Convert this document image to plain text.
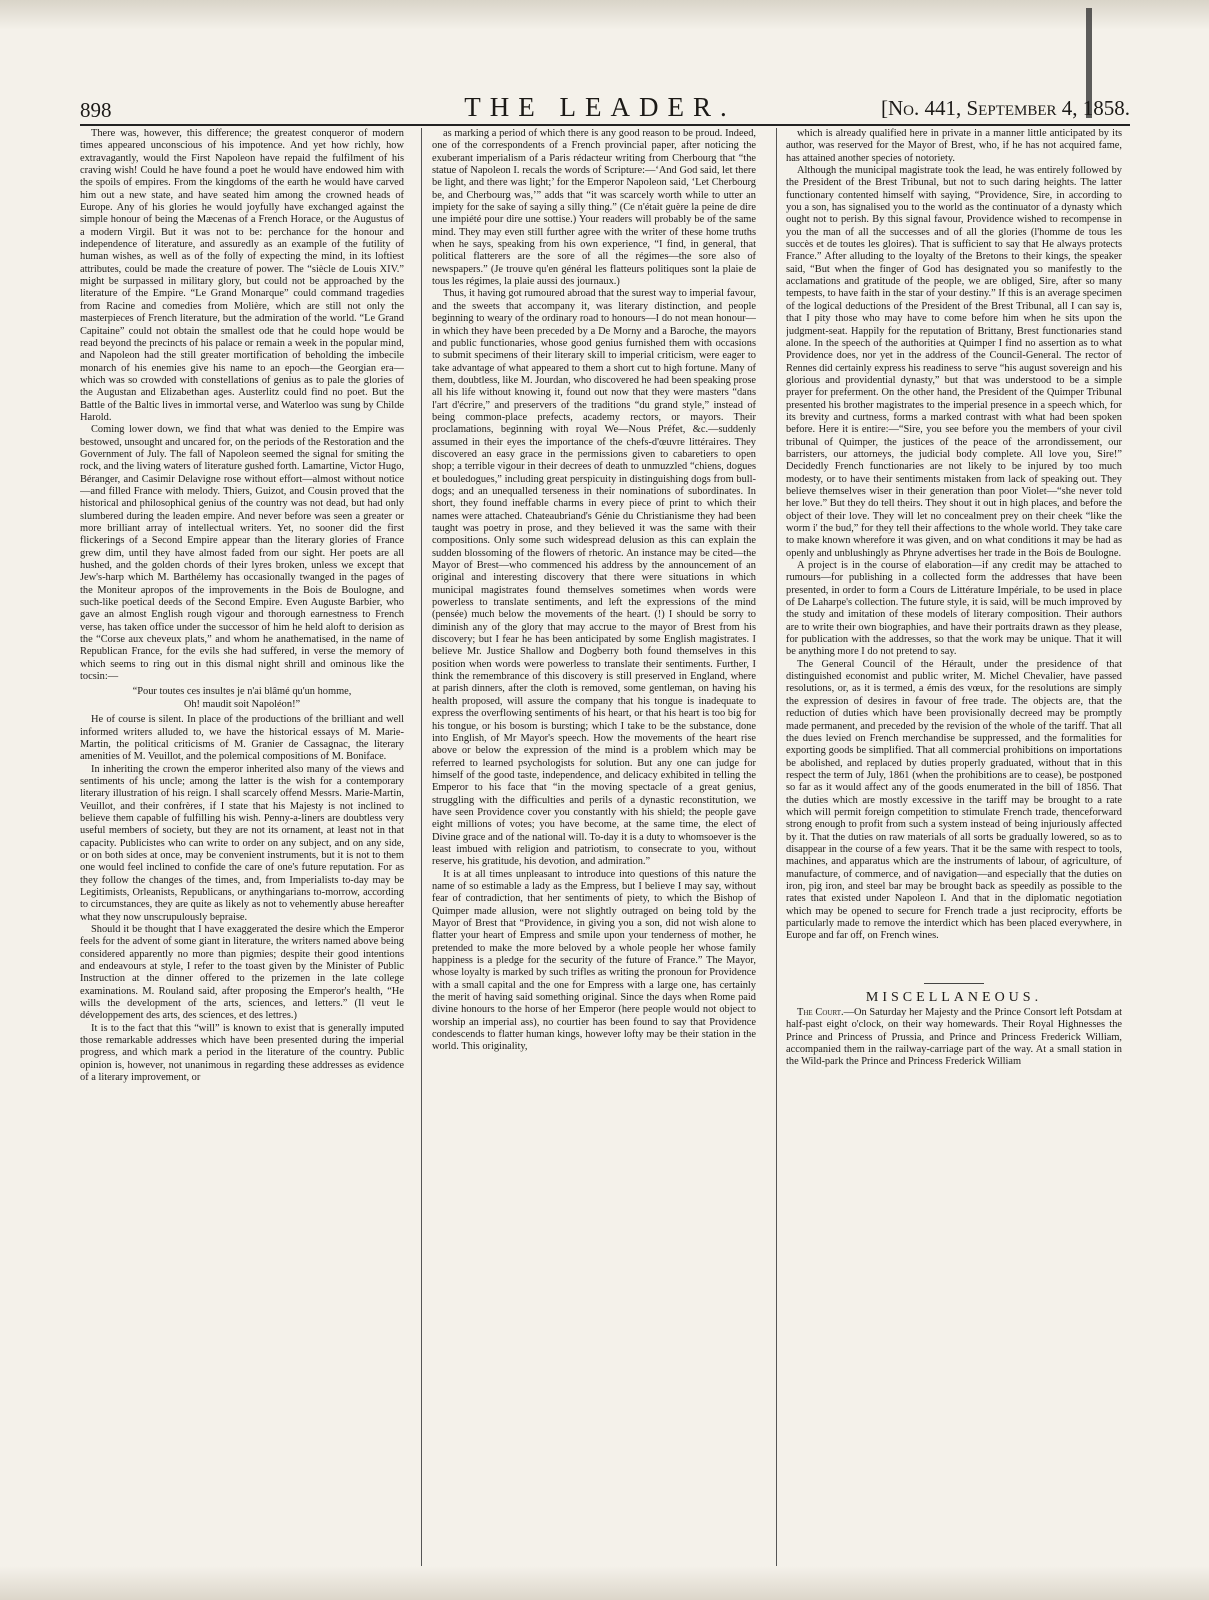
898	THE LEADER.	[No. 441, September 4, 1858.

There was, however, this difference; the greatest conqueror of modern times appeared unconscious of his impotence. And yet how richly, how extravagantly, would the First Napoleon have repaid the fulfilment of his craving wish! Could he have found a poet he would have endowed him with the spoils of empires. From the kingdoms of the earth he would have carved him out a new state, and have seated him among the crowned heads of Europe. Any of his glories he would joyfully have exchanged against the simple honour of being the Mæcenas of a French Horace, or the Augustus of a modern Virgil. But it was not to be: perchance for the honour and independence of literature, and assuredly as an example of the futility of human wishes, as well as of the folly of expecting the mind, in its loftiest attributes, could be made the creature of power. The “siècle de Louis XIV.” might be surpassed in military glory, but could not be approached by the literature of the Empire. “Le Grand Monarque” could command tragedies from Racine and comedies from Molière, which are still not only the masterpieces of French literature, but the admiration of the world. “Le Grand Capitaine” could not obtain the smallest ode that he could hope would be read beyond the precincts of his palace or remain a week in the popular mind, and Napoleon had the still greater mortification of beholding the imbecile monarch of his enemies give his name to an epoch—the Georgian era—which was so crowded with constellations of genius as to pale the glories of the Augustan and Elizabethan ages. Austerlitz could find no poet. But the Battle of the Baltic lives in immortal verse, and Waterloo was sung by Childe Harold.

Coming lower down, we find that what was denied to the Empire was bestowed, unsought and uncared for, on the periods of the Restoration and the Government of July. The fall of Napoleon seemed the signal for smiting the rock, and the living waters of literature gushed forth. Lamartine, Victor Hugo, Béranger, and Casimir Delavigne rose without effort—almost without notice—and filled France with melody. Thiers, Guizot, and Cousin proved that the historical and philosophical genius of the country was not dead, but had only slumbered during the leaden empire. And never before was seen a greater or more brilliant array of intellectual writers. Yet, no sooner did the first flickerings of a Second Empire appear than the literary glories of France grew dim, until they have almost faded from our sight. Her poets are all hushed, and the golden chords of their lyres broken, unless we except that Jew's-harp which M. Barthélemy has occasionally twanged in the pages of the Moniteur apropos of the improvements in the Bois de Boulogne, and such-like poetical deeds of the Second Empire. Even Auguste Barbier, who gave an almost English rough vigour and thorough earnestness to French verse, has taken office under the successor of him he held aloft to derision as the “Corse aux cheveux plats,” and whom he anathematised, in the name of Republican France, for the evils she had suffered, in verse the memory of which seems to ring out in this dismal night shrill and ominous like the tocsin:—

“Pour toutes ces insultes je n'ai blâmé qu'un homme,
Oh! maudit soit Napoléon!”

He of course is silent. In place of the productions of the brilliant and well informed writers alluded to, we have the historical essays of M. Marie-Martin, the political criticisms of M. Granier de Cassagnac, the literary amenities of M. Veuillot, and the polemical compositions of M. Boniface.

In inheriting the crown the emperor inherited also many of the views and sentiments of his uncle; among the latter is the wish for a contemporary literary illustration of his reign. I shall scarcely offend Messrs. Marie-Martin, Veuillot, and their confrères, if I state that his Majesty is not inclined to believe them capable of fulfilling his wish. Penny-a-liners are doubtless very useful members of society, but they are not its ornament, at least not in that capacity. Publicistes who can write to order on any subject, and on any side, or on both sides at once, may be convenient instruments, but it is not to them one would feel inclined to confide the care of one's future reputation. For as they follow the changes of the times, and, from Imperialists to-day may be Legitimists, Orleanists, Republicans, or anythingarians to-morrow, according to circumstances, they are quite as likely as not to vehemently abuse hereafter what they now unscrupulously bepraise.

Should it be thought that I have exaggerated the desire which the Emperor feels for the advent of some giant in literature, the writers named above being considered apparently no more than pigmies; despite their good intentions and endeavours at style, I refer to the toast given by the Minister of Public Instruction at the dinner offered to the prizemen in the late college examinations. M. Rouland said, after proposing the Emperor's health, “He wills the development of the arts, sciences, and letters.” (Il veut le développement des arts, des sciences, et des lettres.)

It is to the fact that this “will” is known to exist that is generally imputed those remarkable addresses which have been presented during the imperial progress, and which mark a period in the literature of the country. Public opinion is, however, not unanimous in regarding these addresses as evidence of a literary improvement, or

as marking a period of which there is any good reason to be proud. Indeed, one of the correspondents of a French provincial paper, after noticing the exuberant imperialism of a Paris rédacteur writing from Cherbourg that “the statue of Napoleon I. recals the words of Scripture:—‘And God said, let there be light, and there was light;’ for the Emperor Napoleon said, ‘Let Cherbourg be, and Cherbourg was,’” adds that “it was scarcely worth while to utter an impiety for the sake of saying a silly thing.” (Ce n'était guère la peine de dire une impiété pour dire une sottise.) Your readers will probably be of the same mind. They may even still further agree with the writer of these home truths when he says, speaking from his own experience, “I find, in general, that political flatterers are the sore of all the régimes—the sore also of newspapers.” (Je trouve qu'en général les flatteurs politiques sont la plaie de tous les régimes, la plaie aussi des journaux.)

Thus, it having got rumoured abroad that the surest way to imperial favour, and the sweets that accompany it, was literary distinction, and people beginning to weary of the ordinary road to honours—I do not mean honour—in which they have been preceded by a De Morny and a Baroche, the mayors and public functionaries, whose good genius furnished them with occasions to submit specimens of their literary skill to imperial criticism, were eager to take advantage of what appeared to them a short cut to high fortune. Many of them, doubtless, like M. Jourdan, who discovered he had been speaking prose all his life without knowing it, found out now that they were masters “dans l'art d'écrire,” and preservers of the traditions “du grand style,” instead of being common-place prefects, academy rectors, or mayors. Their proclamations, beginning with royal We—Nous Préfet, &c.—suddenly assumed in their eyes the importance of the chefs-d'œuvre littéraires. They discovered an easy grace in the permissions given to cabaretiers to open shop; a terrible vigour in their decrees of death to unmuzzled “chiens, dogues et bouledogues,” including great perspicuity in distinguishing dogs from bull-dogs; and an unequalled terseness in their nominations of subordinates. In short, they found ineffable charms in every piece of print to which their names were attached. Chateaubriand's Génie du Christianisme they had been taught was poetry in prose, and they believed it was the same with their compositions. Only some such widespread delusion as this can explain the sudden blossoming of the flowers of rhetoric. An instance may be cited—the Mayor of Brest—who commenced his address by the announcement of an original and interesting discovery that there were situations in which municipal magistrates found themselves sometimes when words were powerless to translate sentiments, and left the expressions of the mind (pensée) much below the movements of the heart. (!) I should be sorry to diminish any of the glory that may accrue to the mayor of Brest from his discovery; but I fear he has been anticipated by some English magistrates. I believe Mr. Justice Shallow and Dogberry both found themselves in this position when words were powerless to translate their sentiments. Further, I think the remembrance of this discovery is still preserved in England, where at parish dinners, after the cloth is removed, some gentleman, on having his health proposed, will assure the company that his tongue is inadequate to express the overflowing sentiments of his heart, or that his heart is too big for his tongue, or his bosom is bursting; which I take to be the substance, done into English, of Mr Mayor's speech. How the movements of the heart rise above or below the expression of the mind is a problem which may be referred to learned psychologists for solution. But any one can judge for himself of the good taste, independence, and delicacy exhibited in telling the Emperor to his face that “in the moving spectacle of a great genius, struggling with the difficulties and perils of a dynastic reconstitution, we have seen Providence cover you constantly with his shield; the people gave eight millions of votes; you have become, at the same time, the elect of Divine grace and of the national will. To-day it is a duty to whomsoever is the least imbued with religion and patriotism, to consecrate to you, without reserve, his gratitude, his devotion, and admiration.”

It is at all times unpleasant to introduce into questions of this nature the name of so estimable a lady as the Empress, but I believe I may say, without fear of contradiction, that her sentiments of piety, to which the Bishop of Quimper made allusion, were not slightly outraged on being told by the Mayor of Brest that “Providence, in giving you a son, did not wish alone to flatter your heart of Empress and smile upon your tenderness of mother, he pretended to make the more beloved by a whole people her whose family happiness is a pledge for the security of the future of France.” The Mayor, whose loyalty is marked by such trifles as writing the pronoun for Providence with a small capital and the one for Empress with a large one, has certainly the merit of having said something original. Since the days when Rome paid divine honours to the horse of her Emperor (here people would not object to worship an imperial ass), no courtier has been found to say that Providence condescends to flatter human kings, however lofty may be their station in the world. This originality,

which is already qualified here in private in a manner little anticipated by its author, was reserved for the Mayor of Brest, who, if he has not acquired fame, has attained another species of notoriety.

Although the municipal magistrate took the lead, he was entirely followed by the President of the Brest Tribunal, but not to such daring heights. The latter functionary contented himself with saying, “Providence, Sire, in according to you a son, has signalised you to the world as the continuator of a dynasty which ought not to perish. By this signal favour, Providence wished to recompense in you the man of all the successes and of all the glories (l'homme de tous les succès et de toutes les gloires). That is sufficient to say that He always protects France.” After alluding to the loyalty of the Bretons to their kings, the speaker said, “But when the finger of God has designated you so manifestly to the acclamations and gratitude of the people, we are obliged, Sire, after so many tempests, to have faith in the star of your destiny.” If this is an average specimen of the logical deductions of the President of the Brest Tribunal, all I can say is, that I pity those who may have to come before him when he sits upon the judgment-seat. Happily for the reputation of Brittany, Brest functionaries stand alone. In the speech of the authorities at Quimper I find no assertion as to what Providence does, nor yet in the address of the Council-General. The rector of Rennes did certainly express his readiness to serve “his august sovereign and his glorious and providential dynasty,” but that was understood to be a simple prayer for preferment. On the other hand, the President of the Quimper Tribunal presented his brother magistrates to the imperial presence in a speech which, for its brevity and curtness, forms a marked contrast with what had been spoken before. Here it is entire:—“Sire, you see before you the members of your civil tribunal of Quimper, the justices of the peace of the arrondissement, our barristers, our attorneys, the judicial body complete. All love you, Sire!” Decidedly French functionaries are not likely to be injured by too much modesty, or to have their sentiments mistaken from lack of speaking out. They believe themselves wiser in their generation than poor Violet—“she never told her love.” But they do tell theirs. They shout it out in high places, and before the object of their love. They will let no concealment prey on their cheek “like the worm i' the bud,” for they tell their affections to the whole world. They take care to make known wherefore it was given, and on what conditions it may be had as openly and unblushingly as Phryne advertises her trade in the Bois de Boulogne.

A project is in the course of elaboration—if any credit may be attached to rumours—for publishing in a collected form the addresses that have been presented, in order to form a Cours de Littérature Impériale, to be used in place of De Laharpe's collection. The future style, it is said, will be much improved by the study and imitation of these models of literary composition. Their authors are to write their own biographies, and have their portraits drawn as they please, for publication with the addresses, so that the work may be unique. That it will be anything more I do not pretend to say.

The General Council of the Hérault, under the presidence of that distinguished economist and public writer, M. Michel Chevalier, have passed resolutions, or, as it is termed, a émis des vœux, for the resolutions are simply the expression of desires in favour of free trade. The objects are, that the reduction of duties which have been provisionally decreed may be promptly made permanent, and preceded by the revision of the whole of the tariff. That all the dues levied on French merchandise be suppressed, and the formalities for exporting goods be simplified. That all commercial prohibitions on importations be abolished, and replaced by duties properly graduated, without that in this respect the term of July, 1861 (when the prohibitions are to cease), be postponed so far as it would affect any of the goods enumerated in the bill of 1856. That the duties which are mostly excessive in the tariff may be brought to a rate which will permit foreign competition to stimulate French trade, thenceforward strong enough to profit from such a system instead of being injuriously affected by it. That the duties on raw materials of all sorts be gradually lowered, so as to disappear in the course of a few years. That it be the same with respect to tools, machines, and apparatus which are the instruments of labour, of agriculture, of manufacture, of commerce, and of navigation—and especially that the duties on iron, pig iron, and steel bar may be brought back as speedily as possible to the rates that existed under Napoleon I. And that in the diplomatic negotiation which may be opened to secure for French trade a just reciprocity, efforts be particularly made to remove the interdict which has been placed everywhere, in Europe and far off, on French wines.

MISCELLANEOUS.

The Court.—On Saturday her Majesty and the Prince Consort left Potsdam at half-past eight o'clock, on their way homewards. Their Royal Highnesses the Prince and Princess of Prussia, and Prince and Princess Frederick William, accompanied them in the railway-carriage part of the way. At a small station in the Wild-park the Prince and Princess Frederick William
